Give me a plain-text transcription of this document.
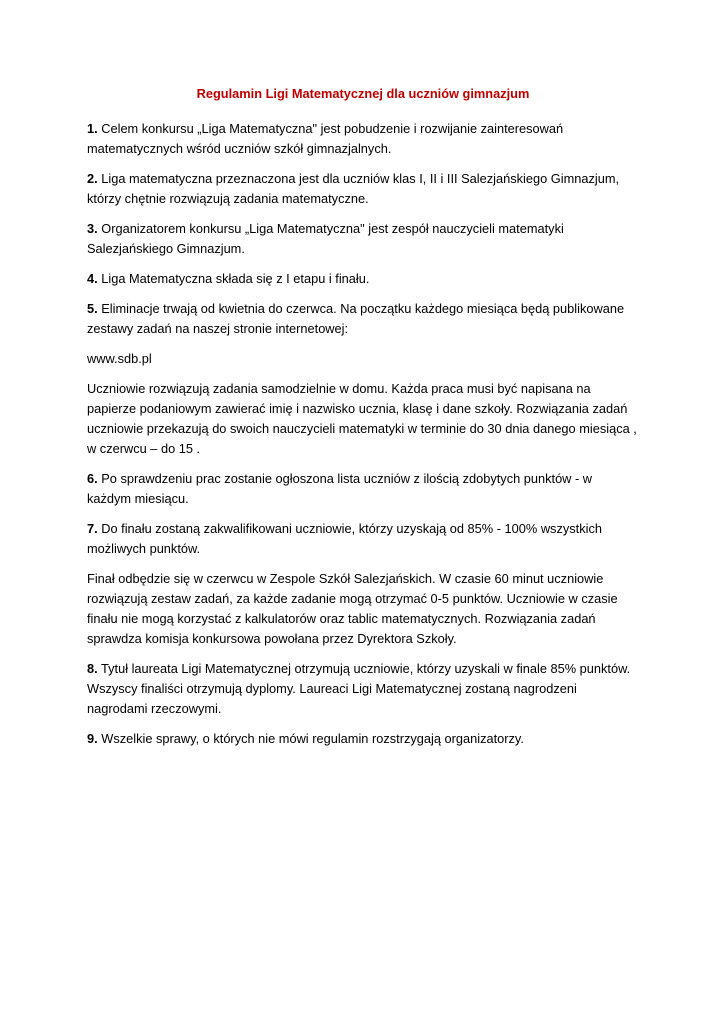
Regulamin Ligi Matematycznej dla uczniów gimnazjum

1. Celem konkursu „Liga Matematyczna" jest pobudzenie i rozwijanie zainteresowań matematycznych wśród uczniów szkół gimnazjalnych.

2. Liga matematyczna przeznaczona jest dla uczniów klas I, II i III Salezjańskiego Gimnazjum, którzy chętnie rozwiązują zadania matematyczne.

3. Organizatorem konkursu „Liga Matematyczna" jest zespół nauczycieli matematyki Salezjańskiego Gimnazjum.

4. Liga Matematyczna składa się z I etapu i finału.

5. Eliminacje trwają od kwietnia do czerwca. Na początku każdego miesiąca będą publikowane zestawy zadań na naszej stronie internetowej:

www.sdb.pl

Uczniowie rozwiązują zadania samodzielnie w domu. Każda praca musi być napisana na papierze podaniowym zawierać imię i nazwisko ucznia, klasę i dane szkoły. Rozwiązania zadań uczniowie przekazują do swoich nauczycieli matematyki w terminie do 30 dnia danego miesiąca , w czerwcu – do 15 .

6. Po sprawdzeniu prac zostanie ogłoszona lista uczniów z ilością zdobytych punktów - w każdym miesiącu.

7. Do finału zostaną zakwalifikowani uczniowie, którzy uzyskają od 85% - 100% wszystkich możliwych punktów.

Finał odbędzie się w czerwcu w Zespole Szkół Salezjańskich. W czasie 60 minut uczniowie rozwiązują zestaw zadań, za każde zadanie mogą otrzymać 0-5 punktów. Uczniowie w czasie finału nie mogą korzystać z kalkulatorów oraz tablic matematycznych. Rozwiązania zadań sprawdza komisja konkursowa powołana przez Dyrektora Szkoły.

8. Tytuł laureata Ligi Matematycznej otrzymują uczniowie, którzy uzyskali w finale 85% punktów. Wszyscy finaliści otrzymują dyplomy. Laureaci Ligi Matematycznej zostaną nagrodzeni nagrodami rzeczowymi.

9. Wszelkie sprawy, o których nie mówi regulamin rozstrzygają organizatorzy.
